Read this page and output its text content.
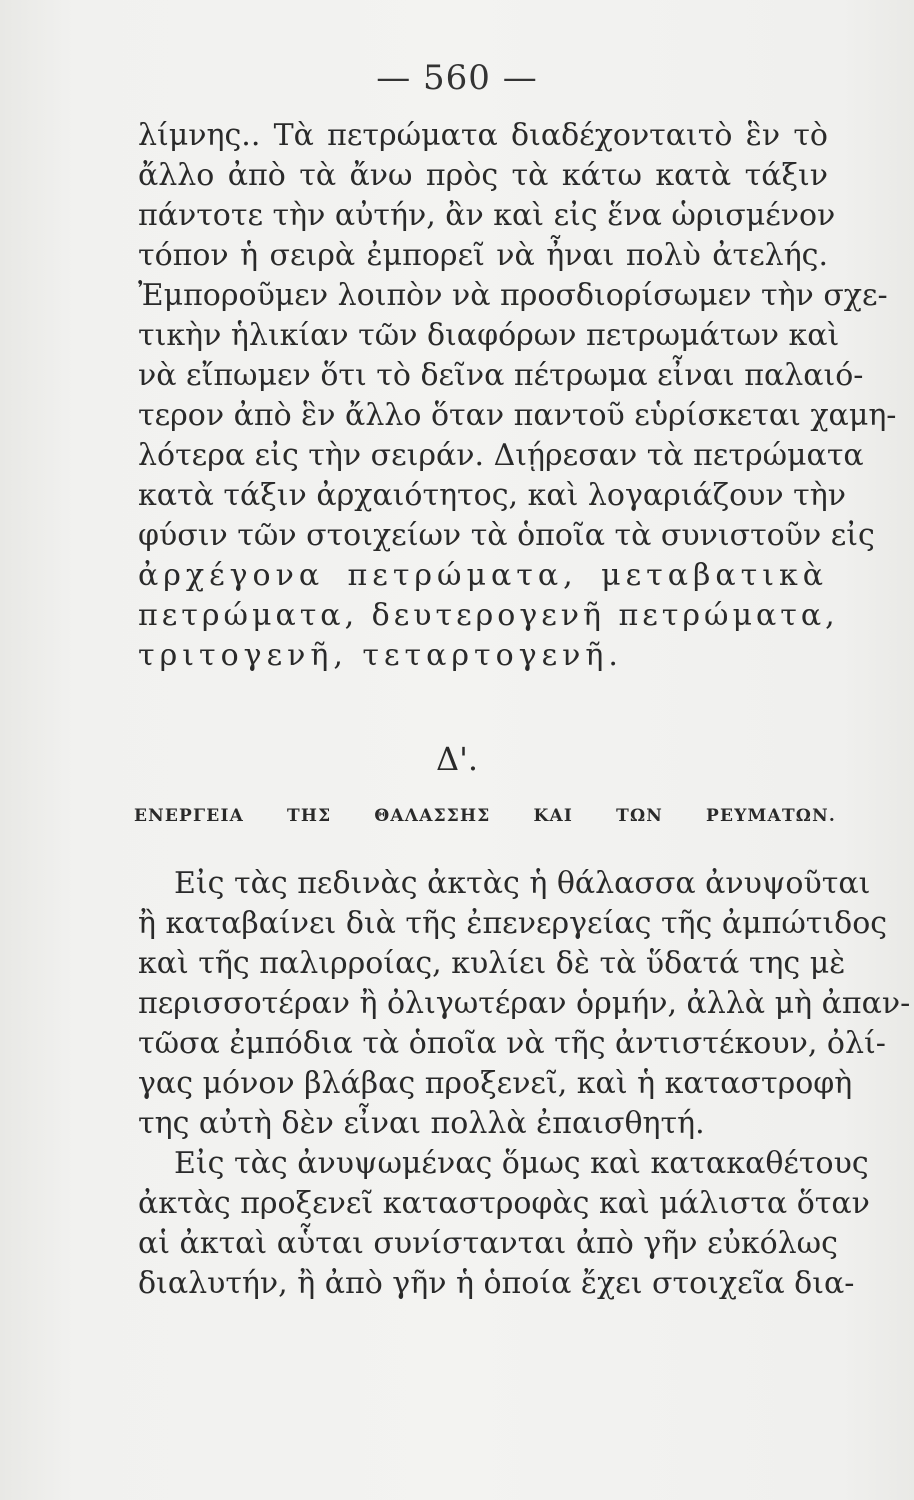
— 560 —
λίμνης.. Τὰ πετρώματα διαδέχονταιτὸ ἓν τὸ
ἄλλο ἀπὸ τὰ ἄνω πρὸς τὰ κάτω κατὰ τάξιν
πάντοτε τὴν αὐτήν, ἂν καὶ εἰς ἕνα ὡρισμένον
τόπον ἡ σειρὰ ἐμπορεῖ νὰ ἦναι πολὺ ἀτελής.
Ἐμποροῦμεν λοιπὸν νὰ προσδιορίσωμεν τὴν σχε-
τικὴν ἡλικίαν τῶν διαφόρων πετρωμάτων καὶ
νὰ εἴπωμεν ὅτι τὸ δεῖνα πέτρωμα εἶναι παλαιό-
τερον ἀπὸ ἓν ἄλλο ὅταν παντοῦ εὑρίσκεται χαμη-
λότερα εἰς τὴν σειράν. Διῄρεσαν τὰ πετρώματα
κατὰ τάξιν ἀρχαιότητος, καὶ λογαριάζουν τὴν
φύσιν τῶν στοιχείων τὰ ὁποῖα τὰ συνιστοῦν εἰς
ἀρχέγονα πετρώματα, μεταβατικὰ
πετρώματα, δευτερογενῆ πετρώματα,
τριτογενῆ, τεταρτογενῆ.
Δ'.
ΕΝΕΡΓΕΙΑ ΤΗΣ ΘΑΛΑΣΣΗΣ ΚΑΙ ΤΩΝ ΡΕΥΜΑΤΩΝ.
Εἰς τὰς πεδινὰς ἀκτὰς ἡ θάλασσα ἀνυψοῦται
ἢ καταβαίνει διὰ τῆς ἐπενεργείας τῆς ἀμπώτιδος
καὶ τῆς παλιρροίας, κυλίει δὲ τὰ ὕδατά της μὲ
περισσοτέραν ἢ ὀλιγωτέραν ὁρμήν, ἀλλὰ μὴ ἀπαν-
τῶσα ἐμπόδια τὰ ὁποῖα νὰ τῆς ἀντιστέκουν, ὀλί-
γας μόνον βλάβας προξενεῖ, καὶ ἡ καταστροφὴ
της αὐτὴ δὲν εἶναι πολλὰ ἐπαισθητή.
Εἰς τὰς ἀνυψωμένας ὅμως καὶ κατακαθέτους
ἀκτὰς προξενεῖ καταστροφὰς καὶ μάλιστα ὅταν
αἱ ἀκταὶ αὗται συνίστανται ἀπὸ γῆν εὐκόλως
διαλυτήν, ἢ ἀπὸ γῆν ἡ ὁποία ἔχει στοιχεῖα δια-
